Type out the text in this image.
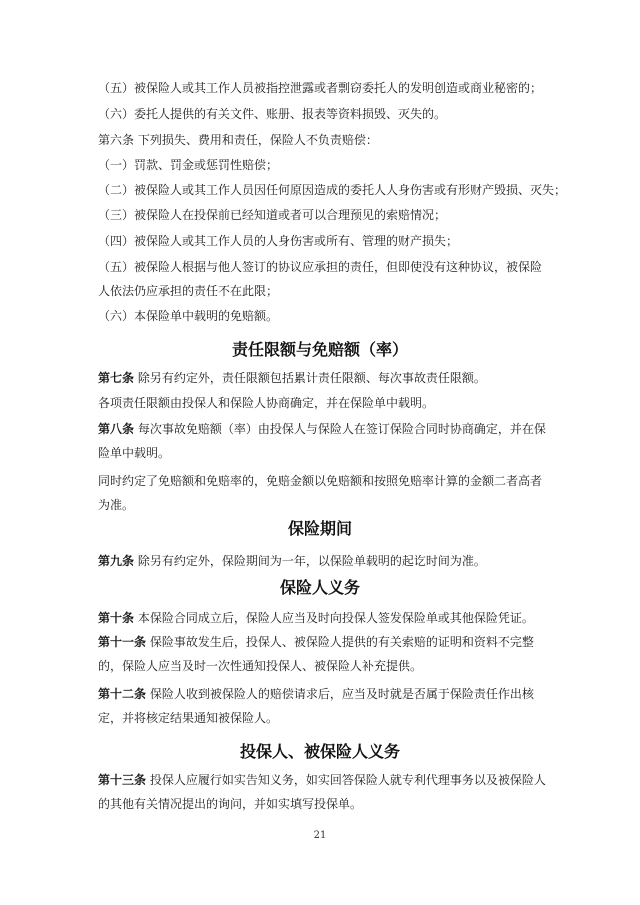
（五）被保险人或其工作人员被指控泄露或者剽窃委托人的发明创造或商业秘密的；
（六）委托人提供的有关文件、账册、报表等资料损毁、灭失的。
第六条 下列损失、费用和责任，保险人不负责赔偿：
（一）罚款、罚金或惩罚性赔偿；
（二）被保险人或其工作人员因任何原因造成的委托人人身伤害或有形财产毁损、灭失；
（三）被保险人在投保前已经知道或者可以合理预见的索赔情况；
（四）被保险人或其工作人员的人身伤害或所有、管理的财产损失；
（五）被保险人根据与他人签订的协议应承担的责任，但即使没有这种协议，被保险人依法仍应承担的责任不在此限；
（六）本保险单中载明的免赔额。
责任限额与免赔额（率）
第七条 除另有约定外，责任限额包括累计责任限额、每次事故责任限额。
各项责任限额由投保人和保险人协商确定，并在保险单中载明。
第八条 每次事故免赔额（率）由投保人与保险人在签订保险合同时协商确定，并在保险单中载明。
同时约定了免赔额和免赔率的，免赔金额以免赔额和按照免赔率计算的金额二者高者为准。
保险期间
第九条 除另有约定外，保险期间为一年，以保险单载明的起讫时间为准。
保险人义务
第十条 本保险合同成立后，保险人应当及时向投保人签发保险单或其他保险凭证。
第十一条 保险事故发生后，投保人、被保险人提供的有关索赔的证明和资料不完整的，保险人应当及时一次性通知投保人、被保险人补充提供。
第十二条 保险人收到被保险人的赔偿请求后，应当及时就是否属于保险责任作出核定，并将核定结果通知被保险人。
投保人、被保险人义务
第十三条 投保人应履行如实告知义务，如实回答保险人就专利代理事务以及被保险人的其他有关情况提出的询问，并如实填写投保单。
21
